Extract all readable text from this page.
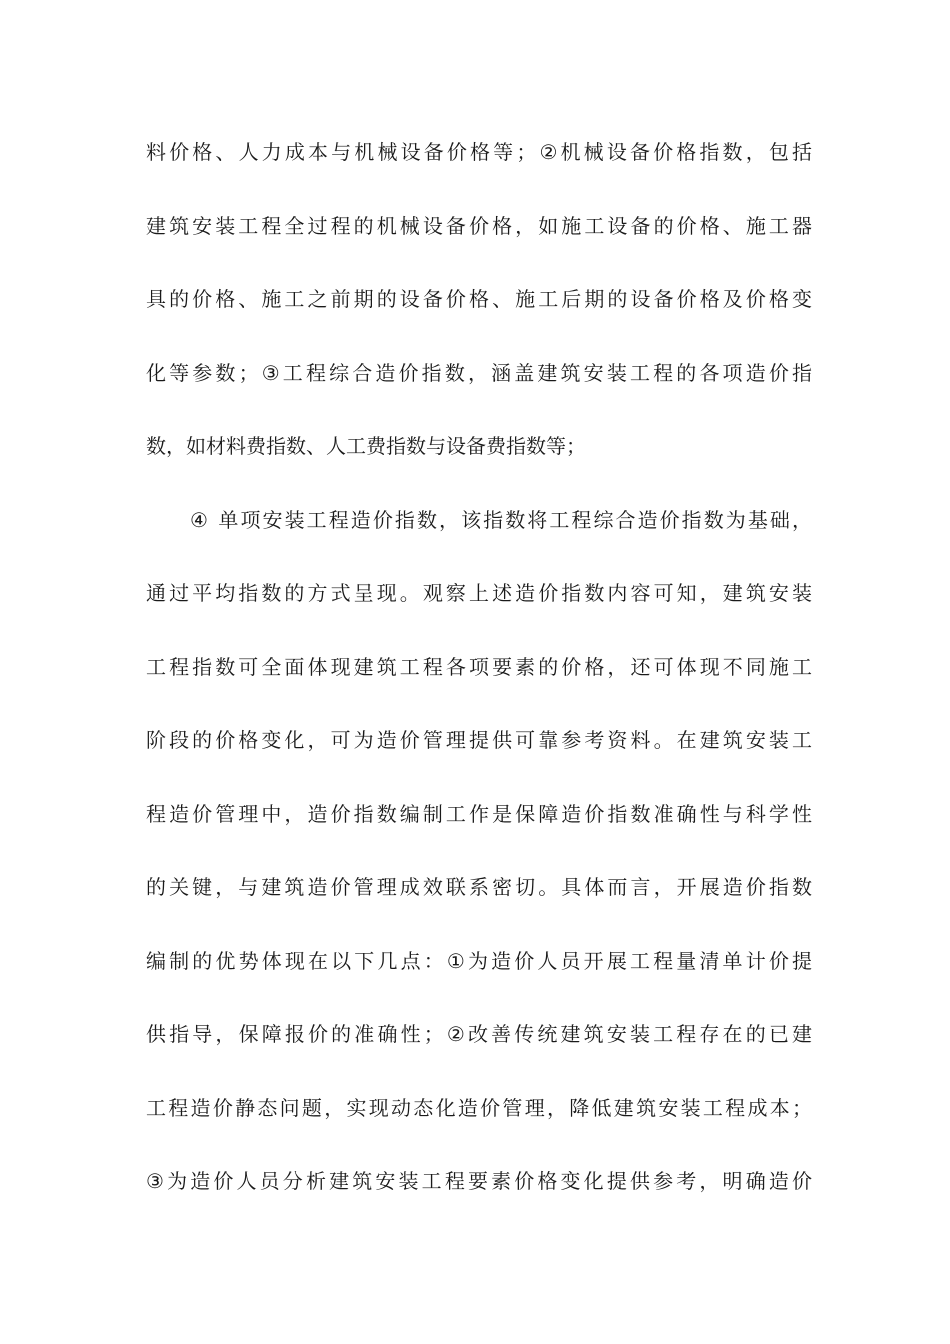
料价格、人力成本与机械设备价格等；②机械设备价格指数，包括
建筑安装工程全过程的机械设备价格，如施工设备的价格、施工器
具的价格、施工之前期的设备价格、施工后期的设备价格及价格变
化等参数；③工程综合造价指数，涵盖建筑安装工程的各项造价指
数，如材料费指数、人工费指数与设备费指数等；
④ 单项安装工程造价指数，该指数将工程综合造价指数为基础，
通过平均指数的方式呈现。观察上述造价指数内容可知，建筑安装
工程指数可全面体现建筑工程各项要素的价格，还可体现不同施工
阶段的价格变化，可为造价管理提供可靠参考资料。在建筑安装工
程造价管理中，造价指数编制工作是保障造价指数准确性与科学性
的关键，与建筑造价管理成效联系密切。具体而言，开展造价指数
编制的优势体现在以下几点：①为造价人员开展工程量清单计价提
供指导，保障报价的准确性；②改善传统建筑安装工程存在的已建
工程造价静态问题，实现动态化造价管理，降低建筑安装工程成本；
③为造价人员分析建筑安装工程要素价格变化提供参考，明确造价
